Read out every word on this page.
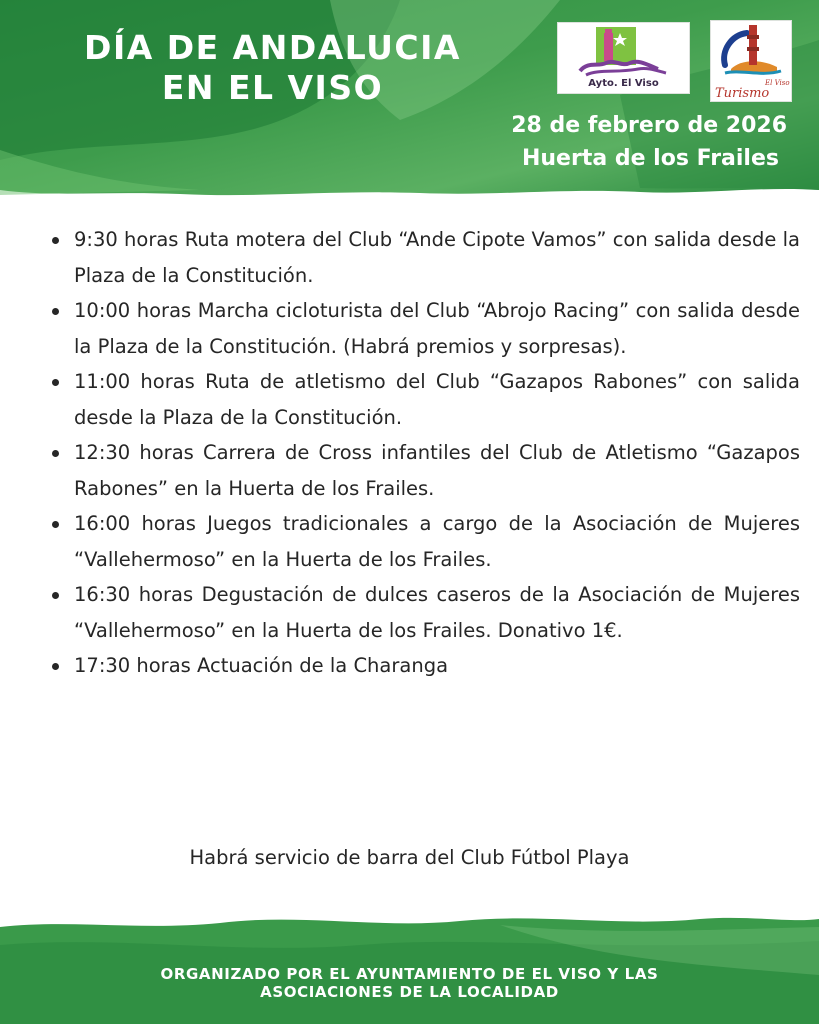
DÍA DE ANDALUCIA
EN EL VISO
28 de febrero de 2026
Huerta de los Frailes
Ayto. El Viso	El Viso
Turismo
9:30 horas Ruta motera del Club “Ande Cipote Vamos” con salida desde la Plaza de la Constitución.
10:00 horas Marcha cicloturista del Club “Abrojo Racing” con salida desde la Plaza de la Constitución. (Habrá premios y sorpresas).
11:00 horas Ruta de atletismo del Club “Gazapos Rabones” con salida desde la Plaza de la Constitución.
12:30 horas Carrera de Cross infantiles del Club de Atletismo “Gazapos Rabones” en la Huerta de los Frailes.
16:00 horas Juegos tradicionales a cargo de la Asociación de Mujeres “Vallehermoso” en la Huerta de los Frailes.
16:30 horas Degustación de dulces caseros de la Asociación de Mujeres “Vallehermoso” en la Huerta de los Frailes. Donativo 1€.
17:30 horas Actuación de la Charanga
Habrá servicio de barra del Club Fútbol Playa
ORGANIZADO POR EL AYUNTAMIENTO DE EL VISO Y LAS
ASOCIACIONES DE LA LOCALIDAD
